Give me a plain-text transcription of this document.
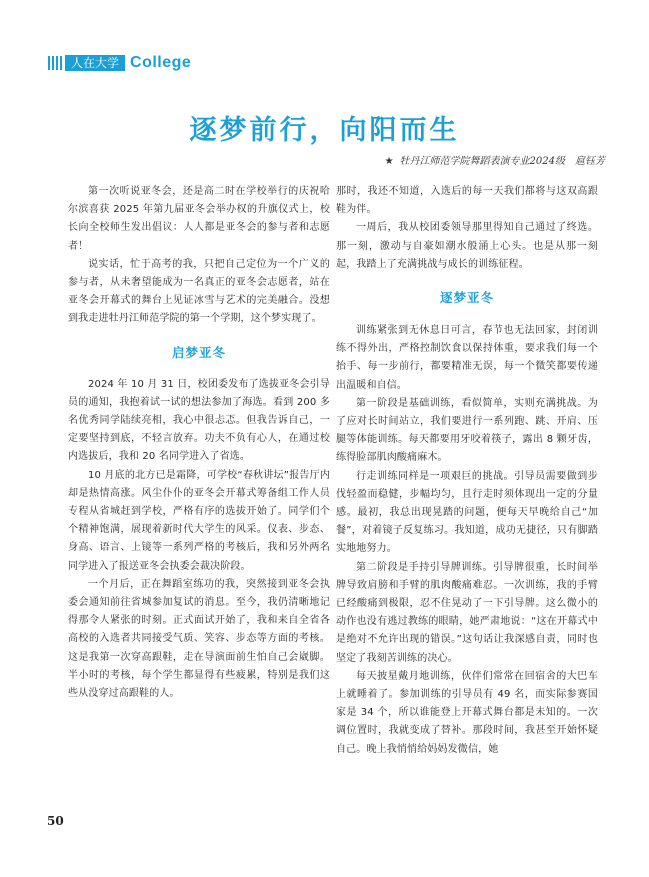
人在大学 College
逐梦前行，向阳而生
★ 牡丹江师范学院舞蹈表演专业2024级　扈钰芳

第一次听说亚冬会，还是高二时在学校举行的庆祝哈尔滨喜获 2025 年第九届亚冬会举办权的升旗仪式上，校长向全校师生发出倡议：人人都是亚冬会的参与者和志愿者！

说实话，忙于高考的我，只把自己定位为一个广义的参与者，从未奢望能成为一名真正的亚冬会志愿者，站在亚冬会开幕式的舞台上见证冰雪与艺术的完美融合。没想到我走进牡丹江师范学院的第一个学期，这个梦实现了。

启梦亚冬

2024 年 10 月 31 日，校团委发布了选拔亚冬会引导员的通知，我抱着试一试的想法参加了海选。看到 200 多名优秀同学陆续亮相，我心中很忐忑。但我告诉自己，一定要坚持到底，不轻言放弃。功夫不负有心人，在通过校内选拔后，我和 20 名同学进入了省选。

10 月底的北方已是霜降，可学校“春秋讲坛”报告厅内却是热情高涨。风尘仆仆的亚冬会开幕式筹备组工作人员专程从省城赶到学校，严格有序的选拔开始了。同学们个个精神饱满，展现着新时代大学生的风采。仪表、步态、身高、语言、上镜等一系列严格的考核后，我和另外两名同学进入了报送亚冬会执委会裁决阶段。

一个月后，正在舞蹈室练功的我，突然接到亚冬会执委会通知前往省城参加复试的消息。至今，我仍清晰地记得那令人紧张的时刻。正式面试开始了，我和来自全省各高校的入选者共同接受气质、笑容、步态等方面的考核。这是我第一次穿高跟鞋，走在导演面前生怕自己会崴脚。半小时的考核，每个学生都显得有些疲累，特别是我们这些从没穿过高跟鞋的人。

那时，我还不知道，入选后的每一天我们都将与这双高跟鞋为伴。

一周后，我从校团委领导那里得知自己通过了终选。那一刻，激动与自豪如潮水般涌上心头。也是从那一刻起，我踏上了充满挑战与成长的训练征程。

逐梦亚冬

训练紧张到无休息日可言，春节也无法回家，封闭训练不得外出，严格控制饮食以保持体重，要求我们每一个抬手、每一步前行，都要精准无误，每一个微笑都要传递出温暖和自信。

第一阶段是基础训练，看似简单，实则充满挑战。为了应对长时间站立，我们要进行一系列跑、跳、开肩、压腿等体能训练。每天都要用牙咬着筷子，露出 8 颗牙齿，练得脸部肌肉酸痛麻木。

行走训练同样是一项艰巨的挑战。引导员需要做到步伐轻盈而稳健，步幅均匀，且行走时须体现出一定的分量感。最初，我总出现晃踏的问题，便每天早晚给自己“加餐”，对着镜子反复练习。我知道，成功无捷径，只有脚踏实地地努力。

第二阶段是手持引导牌训练。引导牌很重，长时间举牌导致肩膀和手臂的肌肉酸痛难忍。一次训练，我的手臂已经酸痛到极限，忍不住晃动了一下引导牌。这么微小的动作也没有逃过教练的眼睛，她严肃地说：“这在开幕式中是绝对不允许出现的错误。”这句话让我深感自责，同时也坚定了我刻苦训练的决心。

每天披星戴月地训练，伙伴们常常在回宿舍的大巴车上就睡着了。参加训练的引导员有 49 名，而实际参赛国家是 34 个，所以谁能登上开幕式舞台都是未知的。一次调位置时，我就变成了替补。那段时间，我甚至开始怀疑自己。晚上我悄悄给妈妈发微信，她

50
